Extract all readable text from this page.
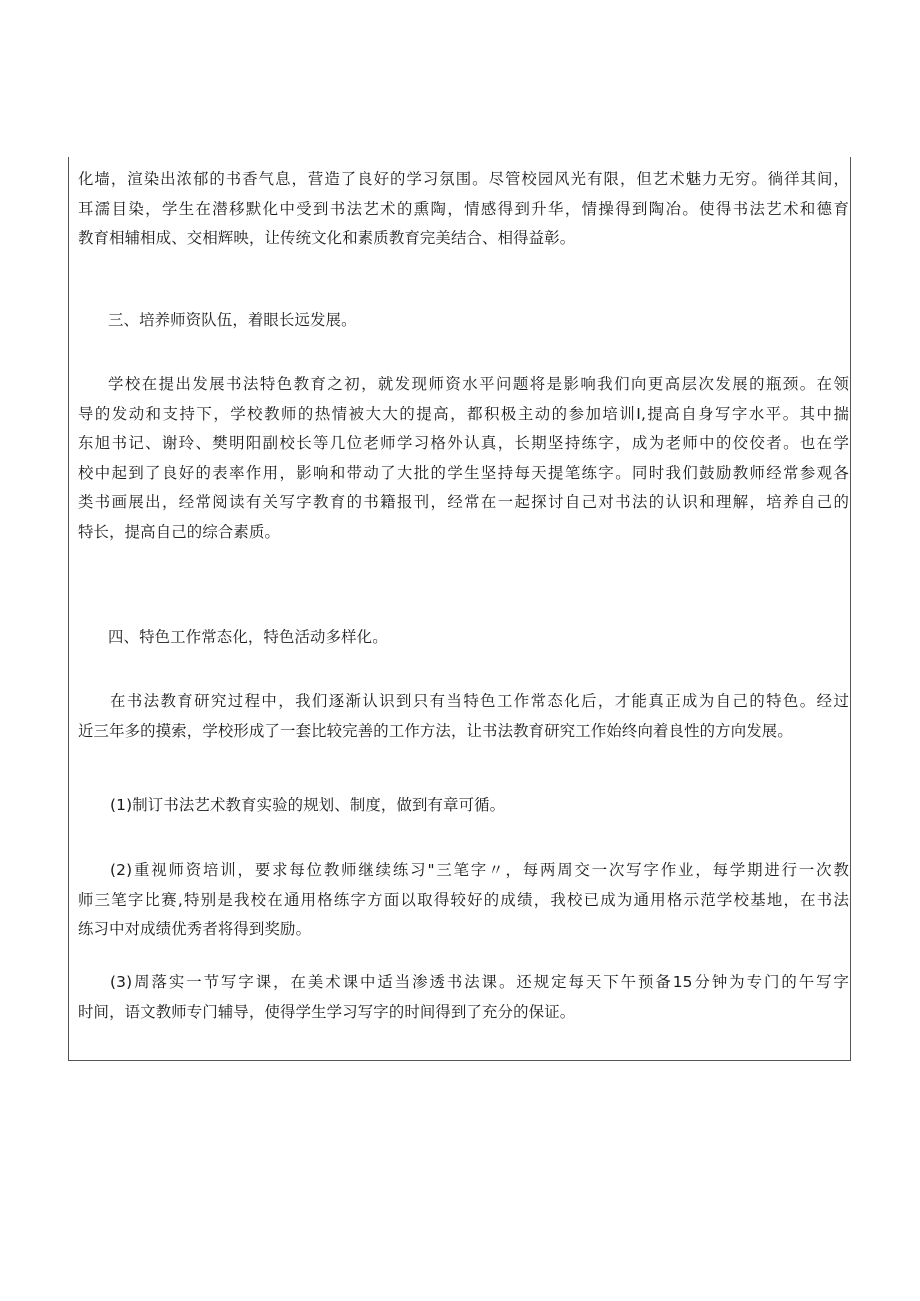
化墙，渲染出浓郁的书香气息，营造了良好的学习氛围。尽管校园风光有限，但艺术魅力无穷。徜徉其间，
耳濡目染，学生在潜移默化中受到书法艺术的熏陶，情感得到升华，情操得到陶冶。使得书法艺术和德育
教育相辅相成、交相辉映，让传统文化和素质教育完美结合、相得益彰。
三、培养师资队伍，着眼长远发展。
学校在提出发展书法特色教育之初，就发现师资水平问题将是影响我们向更高层次发展的瓶颈。在领
导的发动和支持下，学校教师的热情被大大的提高，都积极主动的参加培训I,提高自身写字水平。其中揣
东旭书记、谢玲、樊明阳副校长等几位老师学习格外认真，长期坚持练字，成为老师中的佼佼者。也在学
校中起到了良好的表率作用，影响和带动了大批的学生坚持每天提笔练字。同时我们鼓励教师经常参观各
类书画展出，经常阅读有关写字教育的书籍报刊，经常在一起探讨自己对书法的认识和理解，培养自己的
特长，提高自己的综合素质。
四、特色工作常态化，特色活动多样化。
在书法教育研究过程中，我们逐渐认识到只有当特色工作常态化后，才能真正成为自己的特色。经过
近三年多的摸索，学校形成了一套比较完善的工作方法，让书法教育研究工作始终向着良性的方向发展。
(1)制订书法艺术教育实验的规划、制度，做到有章可循。
(2)重视师资培训，要求每位教师继续练习"三笔字〃，每两周交一次写字作业，每学期进行一次教
师三笔字比赛,特别是我校在通用格练字方面以取得较好的成绩，我校已成为通用格示范学校基地，在书法
练习中对成绩优秀者将得到奖励。
(3)周落实一节写字课，在美术课中适当渗透书法课。还规定每天下午预备15分钟为专门的午写字
时间，语文教师专门辅导，使得学生学习写字的时间得到了充分的保证。
